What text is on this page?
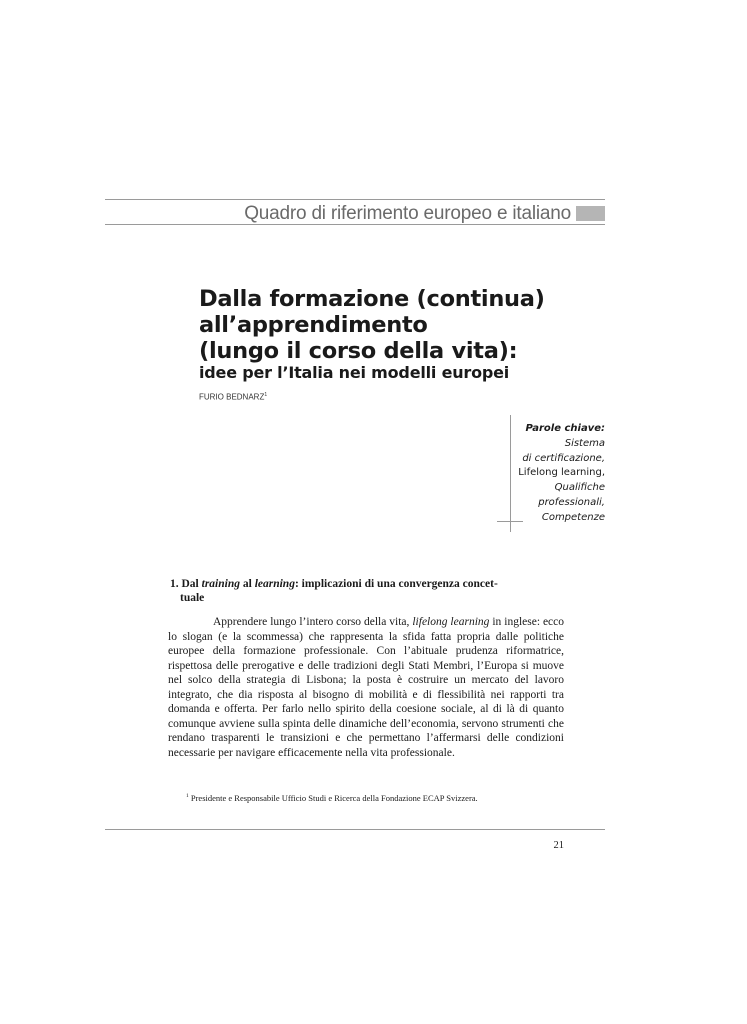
Quadro di riferimento europeo e italiano
Dalla formazione (continua)
all’apprendimento
(lungo il corso della vita):
idee per l’Italia nei modelli europei
FURIO BEDNARZ$^1$
Parole chiave:
Sistema
di certificazione,
Lifelong learning,
Qualifiche
professionali,
Competenze
1. Dal training al learning: implicazioni di una convergenza concet-
tuale

Apprendere lungo l’intero corso della vita, lifelong learning in inglese: ecco lo slogan (e la scommessa) che rappresenta la sfida fatta propria dalle politiche europee della formazione professionale. Con l’abituale prudenza riformatrice, rispettosa delle prerogative e delle tradizioni degli Stati Membri, l’Europa si muove nel solco della strategia di Lisbona; la posta è costruire un mercato del lavoro integrato, che dia risposta al bisogno di mobilità e di flessibilità nei rapporti tra domanda e offerta. Per farlo nello spirito della coesione sociale, al di là di quanto comunque avviene sulla spinta delle dinamiche dell’economia, servono strumenti che rendano trasparenti le transizioni e che permettano l’affermarsi delle condizioni necessarie per navigare efficacemente nella vita professionale.

$^1$ Presidente e Responsabile Ufficio Studi e Ricerca della Fondazione ECAP Svizzera.
21
